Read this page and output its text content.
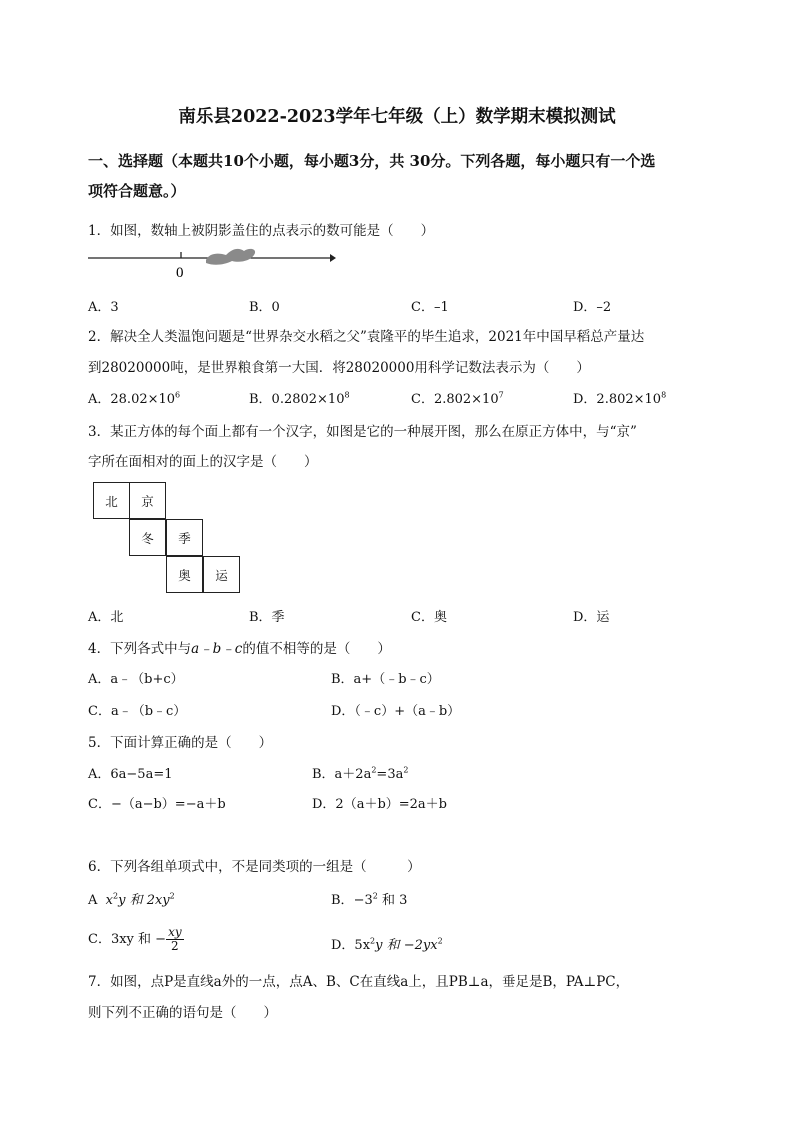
南乐县2022-2023学年七年级（上）数学期末模拟测试
一、选择题（本题共10个小题，每小题3分，共 30分。下列各题，每小题只有一个选
项符合题意。）
1．如图，数轴上被阴影盖住的点表示的数可能是（　　）
0
A．3	B．0	C．–1	D．–2
2．解决全人类温饱问题是“世界杂交水稻之父”袁隆平的毕生追求，2021年中国早稻总产量达
到28020000吨，是世界粮食第一大国．将28020000用科学记数法表示为（　　）
A．$28.02\times 10^6$	B．$0.2802\times 10^8$	C．$2.802\times 10^7$	D．$2.802\times 10^8$
3．某正方体的每个面上都有一个汉字，如图是它的一种展开图，那么在原正方体中，与“京”
字所在面相对的面上的汉字是（　　）
北	京
冬	季
奥	运
A．北	B．季	C．奥	D．运
4．下列各式中与a﹣b﹣c的值不相等的是（　　）
A．a﹣（b+c）	B．a+（﹣b﹣c）
C．a﹣（b﹣c）	D．（﹣c）+（a﹣b）
5．下面计算正确的是（　　）
A．6a−5a=1	B．$a+2a^2=3a^2$
C．−（a−b）=−a＋b	D．2（a＋b）=2a＋b
6．下列各组单项式中，不是同类项的一组是（　　　）
A $x^2y$ 和 $2xy^2$	B．$-3^2$ 和 3
C．3xy 和 − $\frac{xy}{2}$	D．$5x^2y$ 和 $-2yx^2$
7．如图，点P是直线a外的一点，点A、B、C在直线a上，且PB⊥a，垂足是B，PA⊥PC，
则下列不正确的语句是（　　）
